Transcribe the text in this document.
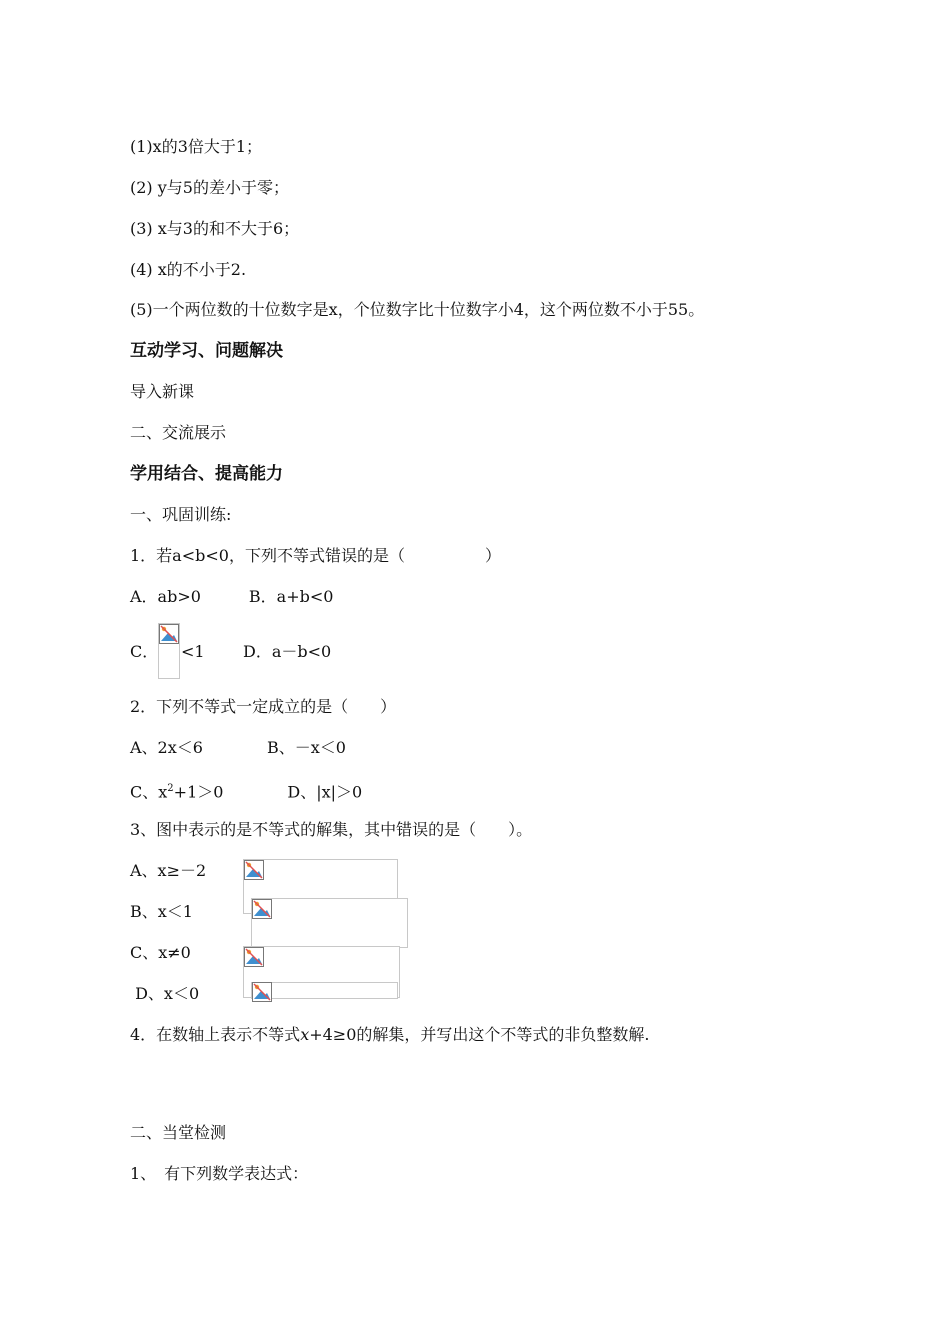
(1)x的3倍大于1；
(2) y与5的差小于零；
(3) x与3的和不大于6；
(4) x的不小于2.
(5)一个两位数的十位数字是x，个位数字比十位数字小4，这个两位数不小于55。
互动学习、问题解决
导入新课
二、交流展示
学用结合、提高能力
一、巩固训练:
1．若a<b<0，下列不等式错误的是（　　　　　）
A．ab>0　　　B．a+b<0
C． <1 D．a－b<0
2．下列不等式一定成立的是（　　）
A、2x＜6　　　　B、－x＜0
C、$x^2+1>0$　　　　D、|x|＞0
3、图中表示的是不等式的解集，其中错误的是（　　）。
A、x≥－2
B、x＜1
C、x≠0
D、x＜0
4．在数轴上表示不等式x+4≥0的解集，并写出这个不等式的非负整数解.
二、当堂检测
1、　有下列数学表达式：
